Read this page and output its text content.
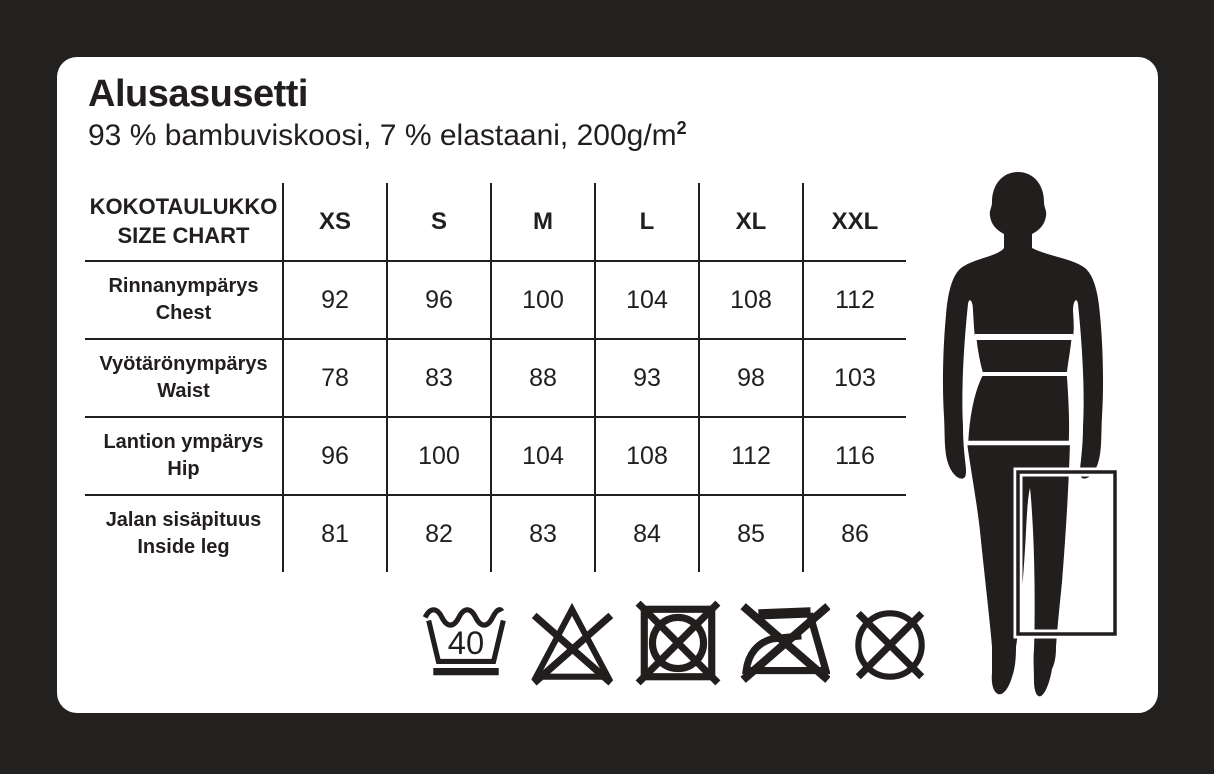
Alusasusetti
93 % bambuviskoosi, 7 % elastaani, $200g/m^2$
KOKOTAULUKKO
SIZE CHART
XS	S	M	L	XL	XXL
Rinnanympärys
Chest	92	96	100	104	108	112
Vyötärönympärys
Waist	78	83	88	93	98	103
Lantion ympärys
Hip	96	100	104	108	112	116
Jalan sisäpituus
Inside leg	81	82	83	84	85	86
40
